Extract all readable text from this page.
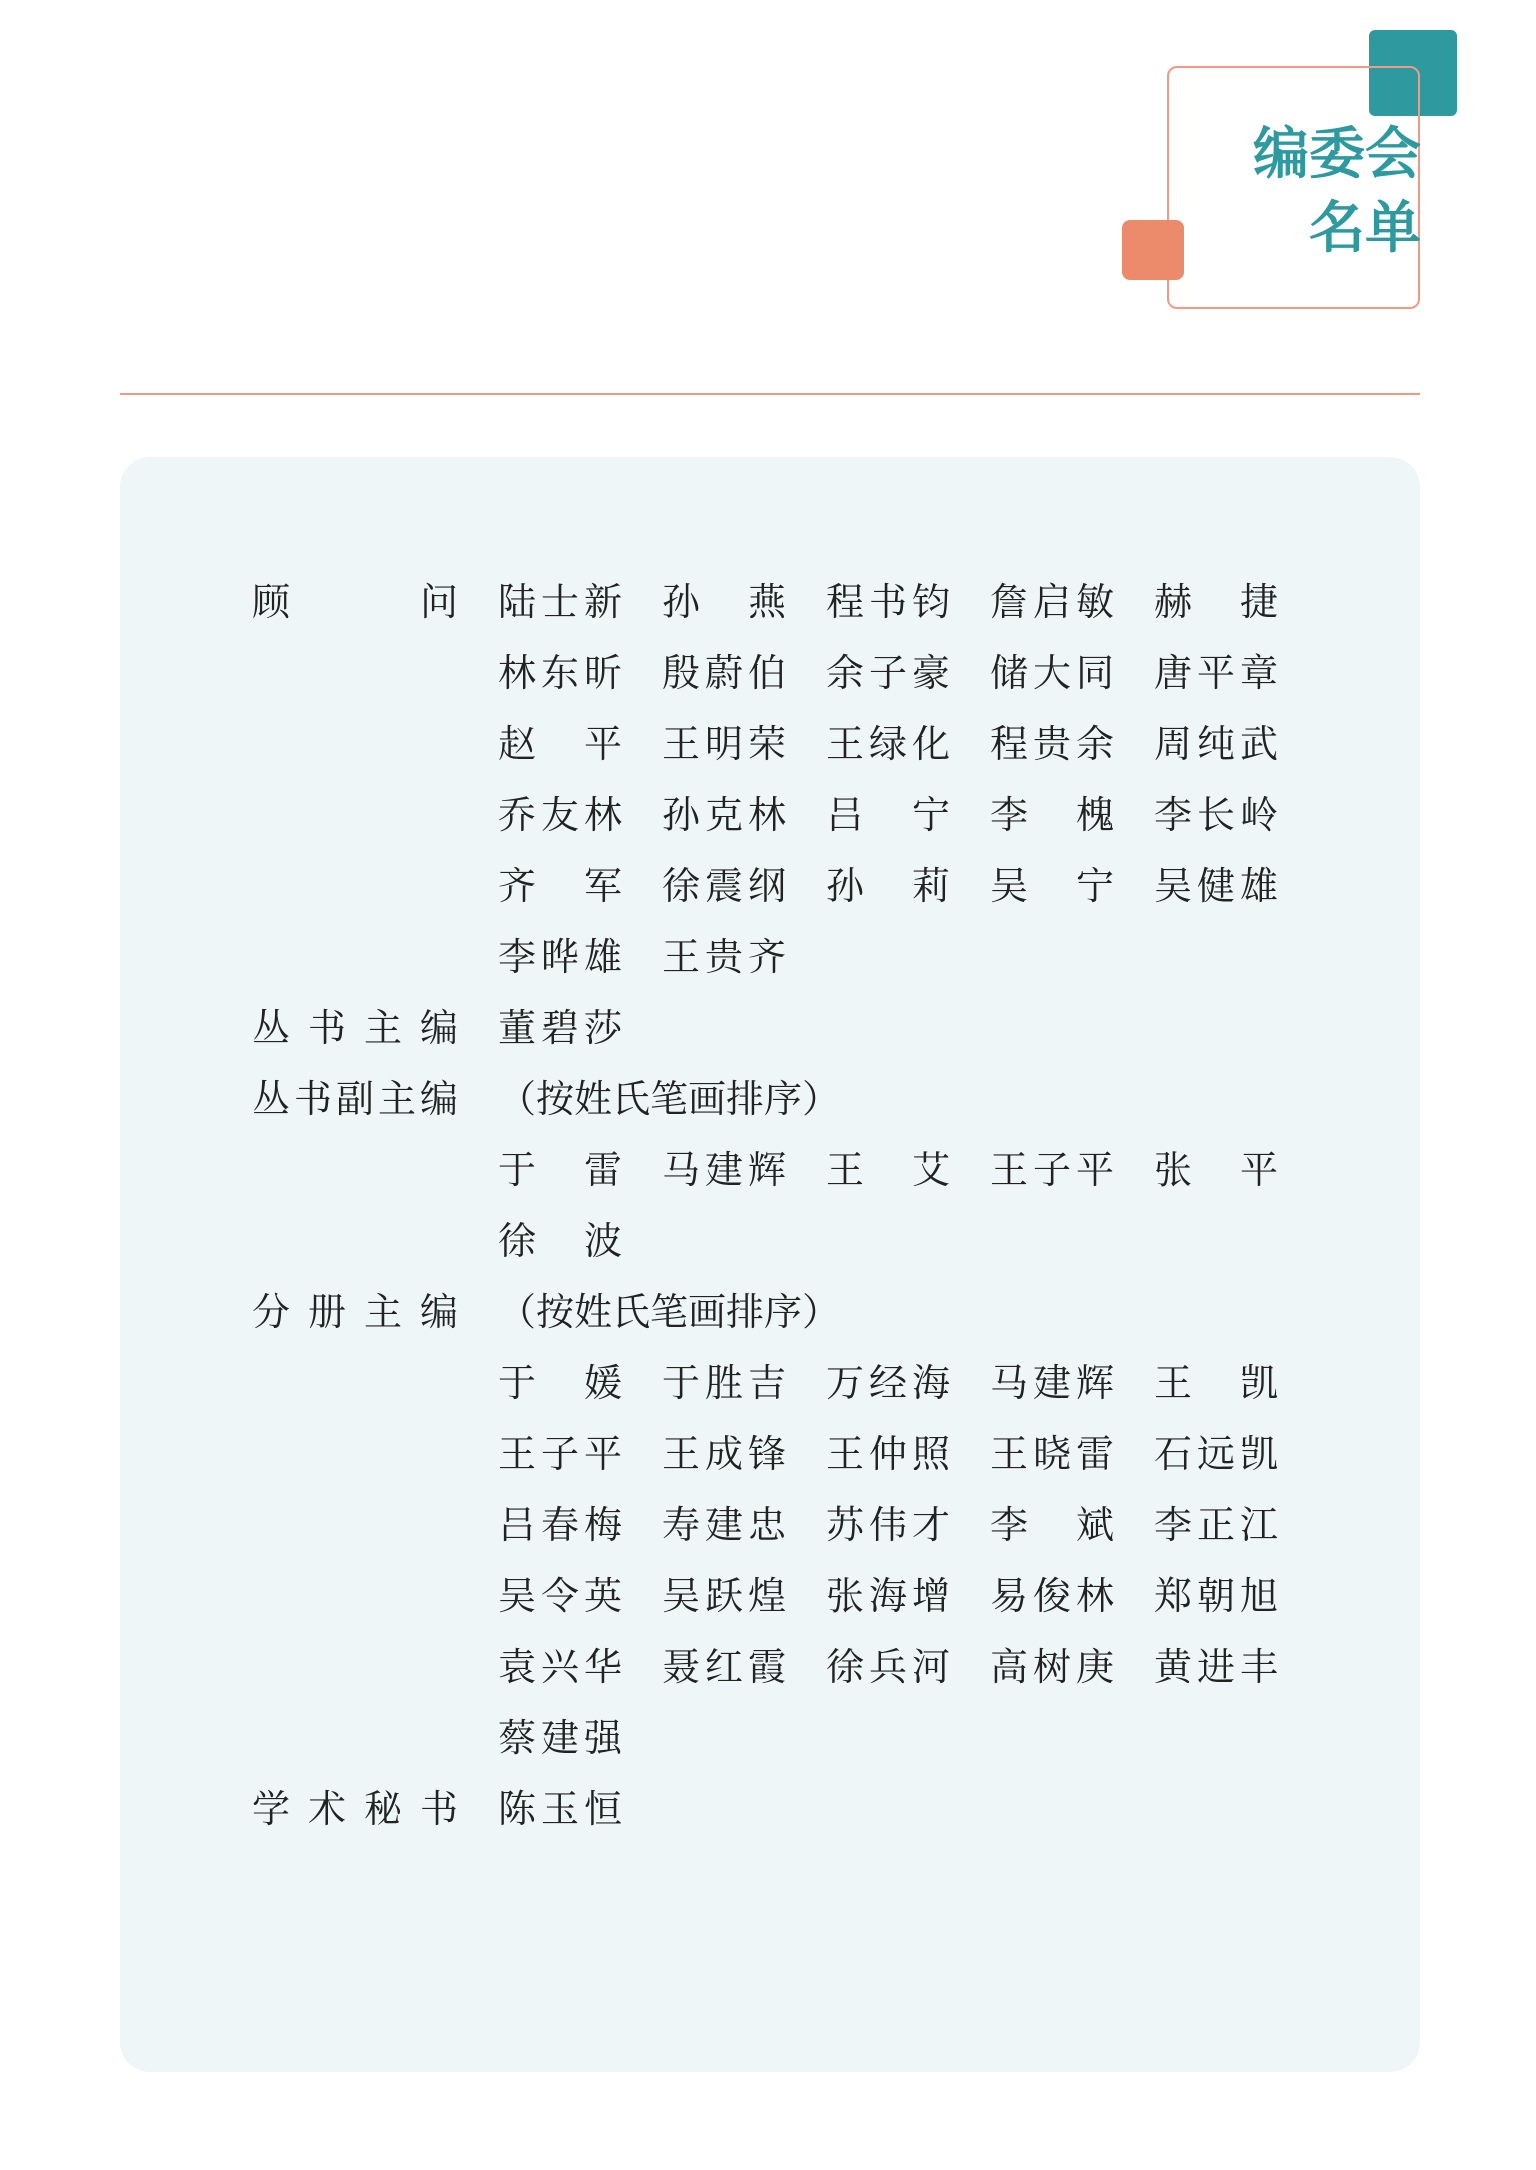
编委会
名单
顾	问 陆 士 新 孙 燕 程 书 钧 詹 启 敏 赫 捷
林 东 昕 殷 蔚 伯 余 子 豪 储 大 同 唐 平 章
赵 平 王 明 荣 王 绿 化 程 贵 余 周 纯 武
乔 友 林 孙 克 林 吕 宁 李 槐 李 长 岭
齐 军 徐 震 纲 孙 莉 吴 宁 吴 健 雄
李 晔 雄 王 贵 齐
丛 书 主 编 董 碧 莎
丛 书 副 主 编 （按姓氏笔画排序）
于 雷 马 建 辉 王 艾 王 子 平 张 平
徐 波
分 册 主 编 （按姓氏笔画排序）
于 媛 于 胜 吉 万 经 海 马 建 辉 王 凯
王 子 平 王 成 锋 王 仲 照 王 晓 雷 石 远 凯
吕 春 梅 寿 建 忠 苏 伟 才 李 斌 李 正 江
吴 令 英 吴 跃 煌 张 海 增 易 俊 林 郑 朝 旭
袁 兴 华 聂 红 霞 徐 兵 河 高 树 庚 黄 进 丰
蔡 建 强
学 术 秘 书 陈 玉 恒
